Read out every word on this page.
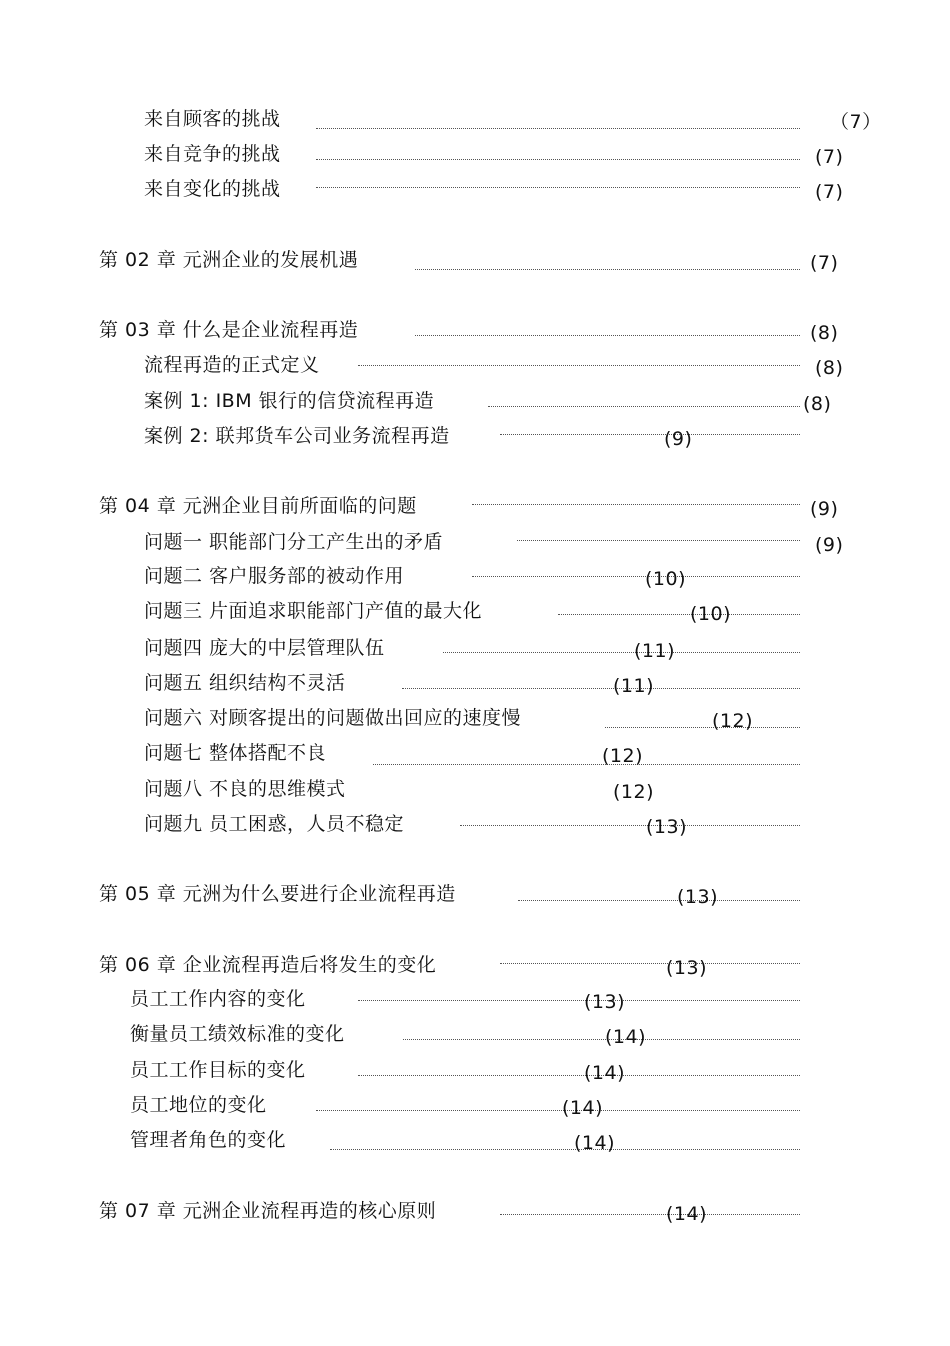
来自顾客的挑战	（7）
来自竞争的挑战	(7)
来自变化的挑战	(7)
第 02 章 元洲企业的发展机遇	(7)
第 03 章 什么是企业流程再造	(8)
流程再造的正式定义	(8)
案例 1: IBM 银行的信贷流程再造	(8)
案例 2: 联邦货车公司业务流程再造	(9)
第 04 章 元洲企业目前所面临的问题	(9)
问题一 职能部门分工产生出的矛盾	(9)
问题二 客户服务部的被动作用	(10)
问题三 片面追求职能部门产值的最大化	(10)
问题四 庞大的中层管理队伍	(11)
问题五 组织结构不灵活	(11)
问题六 对顾客提出的问题做出回应的速度慢	(12)
问题七 整体搭配不良	(12)
问题八 不良的思维模式	(12)
问题九 员工困惑，人员不稳定	(13)
第 05 章 元洲为什么要进行企业流程再造	(13)
第 06 章 企业流程再造后将发生的变化	(13)
员工工作内容的变化	(13)
衡量员工绩效标准的变化	(14)
员工工作目标的变化	(14)
员工地位的变化	(14)
管理者角色的变化	(14)
第 07 章 元洲企业流程再造的核心原则	(14)
